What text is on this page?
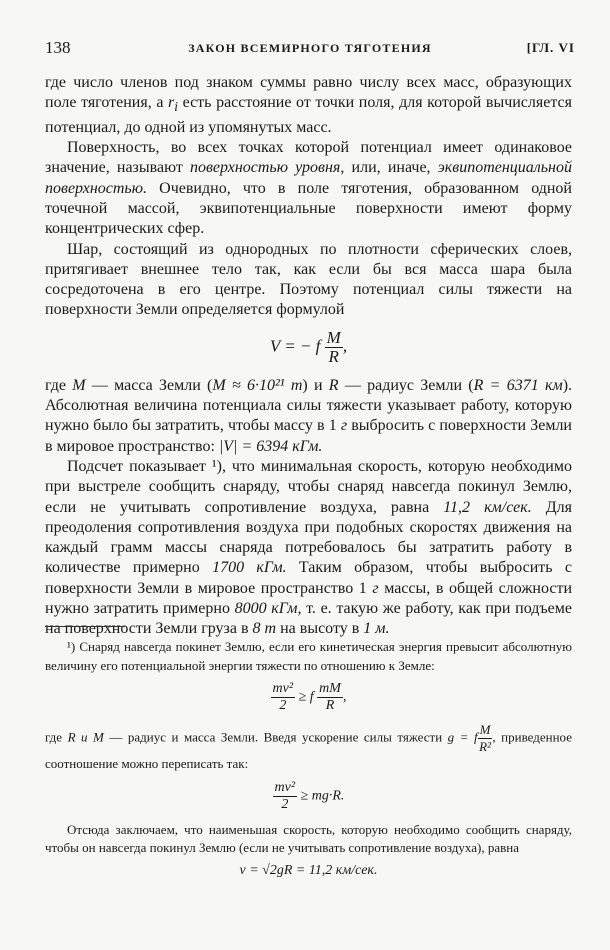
138	ЗАКОН ВСЕМИРНОГО ТЯГОТЕНИЯ	[ГЛ. VI

где число членов под знаком суммы равно числу всех масс, образующих поле тяготения, а $r_i$ есть расстояние от точки поля, для которой вычисляется потенциал, до одной из упомянутых масс.

Поверхность, во всех точках которой потенциал имеет одинаковое значение, называют поверхностью уровня, или, иначе, эквипотенциальной поверхностью. Очевидно, что в поле тяготения, образованном одной точечной массой, эквипотенциальные поверхности имеют форму концентрических сфер.

Шар, состоящий из однородных по плотности сферических слоев, притягивает внешнее тело так, как если бы вся масса шара была сосредоточена в его центре. Поэтому потенциал силы тяжести на поверхности Земли определяется формулой

V = − f $\frac{M}{R}$ ,

где M — масса Земли (M ≈ 6·10²¹ т) и R — радиус Земли (R = 6371 км). Абсолютная величина потенциала силы тяжести указывает работу, которую нужно было бы затратить, чтобы массу в 1 г выбросить с поверхности Земли в мировое пространство: |V| = 6394 кГм.

Подсчет показывает ¹), что минимальная скорость, которую необходимо при выстреле сообщить снаряду, чтобы снаряд навсегда покинул Землю, если не учитывать сопротивление воздуха, равна 11,2 км/сек. Для преодоления сопротивления воздуха при подобных скоростях движения на каждый грамм массы снаряда потребовалось бы затратить работу в количестве примерно 1700 кГм. Таким образом, чтобы выбросить с поверхности Земли в мировое пространство 1 г массы, в общей сложности нужно затратить примерно 8000 кГм, т. е. такую же работу, как при подъеме на поверхности Земли груза в 8 т на высоту в 1 м.

¹) Снаряд навсегда покинет Землю, если его кинетическая энергия превысит абсолютную величину его потенциальной энергии тяжести по отношению к Земле:

$\frac{\text{mv²}}{2} \ge f \frac{mM}{R}$ ,

где R и M — радиус и масса Земли. Введя ускорение силы тяжести g = f $\frac{M}{\text{R²}}$ , приведенное соотношение можно переписать так:

$\frac{\text{mv²}}{2} \ge mg\cdot R$.

Отсюда заключаем, что наименьшая скорость, которую необходимо сообщить снаряду, чтобы он навсегда покинул Землю (если не учитывать сопротивление воздуха), равна

v = √2gR = 11,2 км/сек.
